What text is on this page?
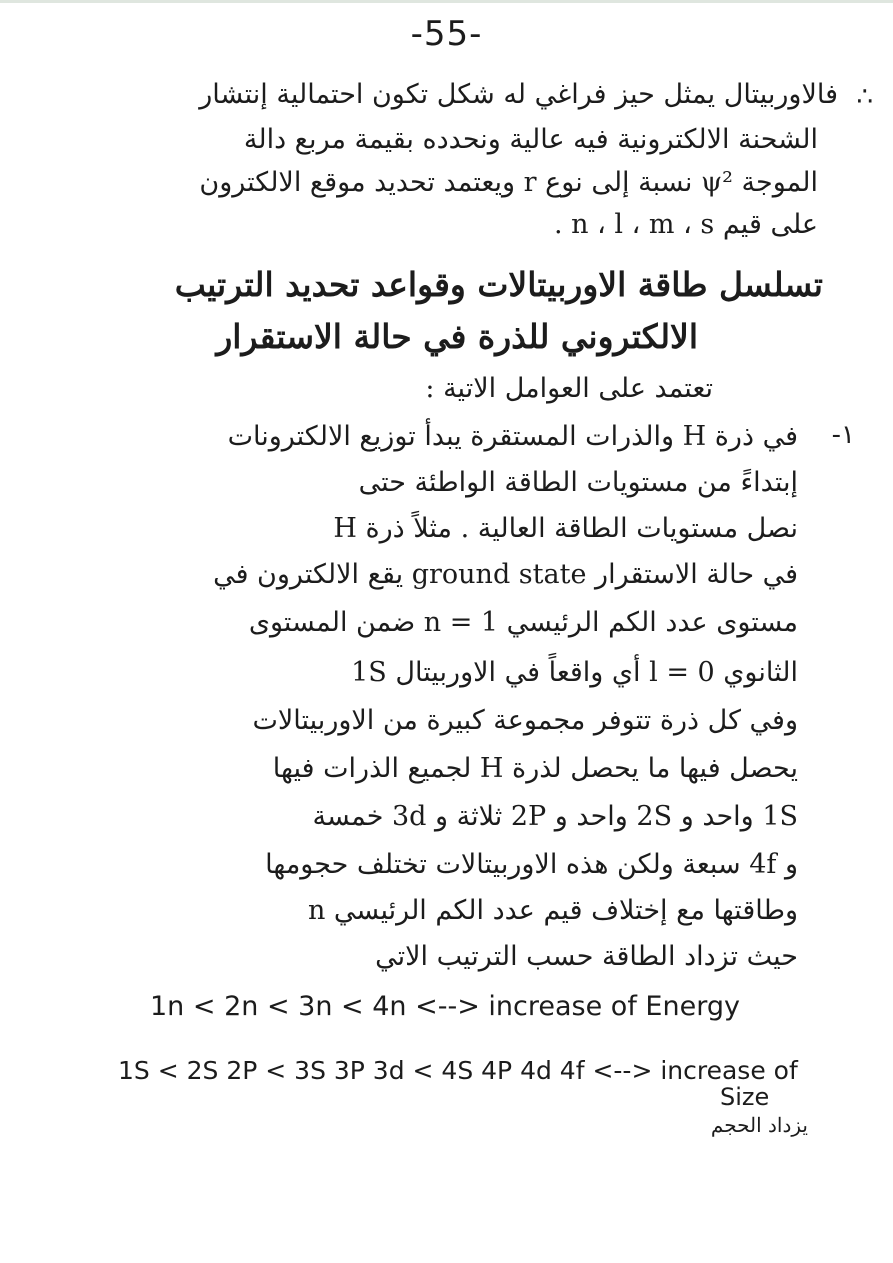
-55-
∴
فالاوربيتال يمثل حيز فراغي له شكل تكون احتمالية إنتشار
الشحنة الالكترونية فيه عالية ونحدده بقيمة مربع دالة
الموجة ψ² نسبة إلى نوع r ويعتمد تحديد موقع الالكترون
على قيم n ، l ، m ، s .
تسلسل طاقة الاوربيتالات وقواعد تحديد الترتيب
الالكتروني للذرة في حالة الاستقرار
تعتمد على العوامل الاتية :
١-
في ذرة H والذرات المستقرة يبدأ توزيع الالكترونات
إبتداءً من مستويات الطاقة الواطئة حتى
نصل مستويات الطاقة العالية . مثلاً ذرة H
في حالة الاستقرار ground state يقع الالكترون في
مستوى عدد الكم الرئيسي n = 1 ضمن المستوى
الثانوي l = 0 أي واقعاً في الاوربيتال 1S
وفي كل ذرة تتوفر مجموعة كبيرة من الاوربيتالات
يحصل فيها ما يحصل لذرة H لجميع الذرات فيها
1S واحد و 2S واحد و 2P ثلاثة و 3d خمسة
و 4f سبعة ولكن هذه الاوربيتالات تختلف حجومها
وطاقتها مع إختلاف قيم عدد الكم الرئيسي n
حيث تزداد الطاقة حسب الترتيب الاتي
1n < 2n < 3n < 4n <--> increase of Energy
1S < 2S 2P < 3S 3P 3d < 4S 4P 4d 4f <--> increase of
Size
يزداد الحجم
